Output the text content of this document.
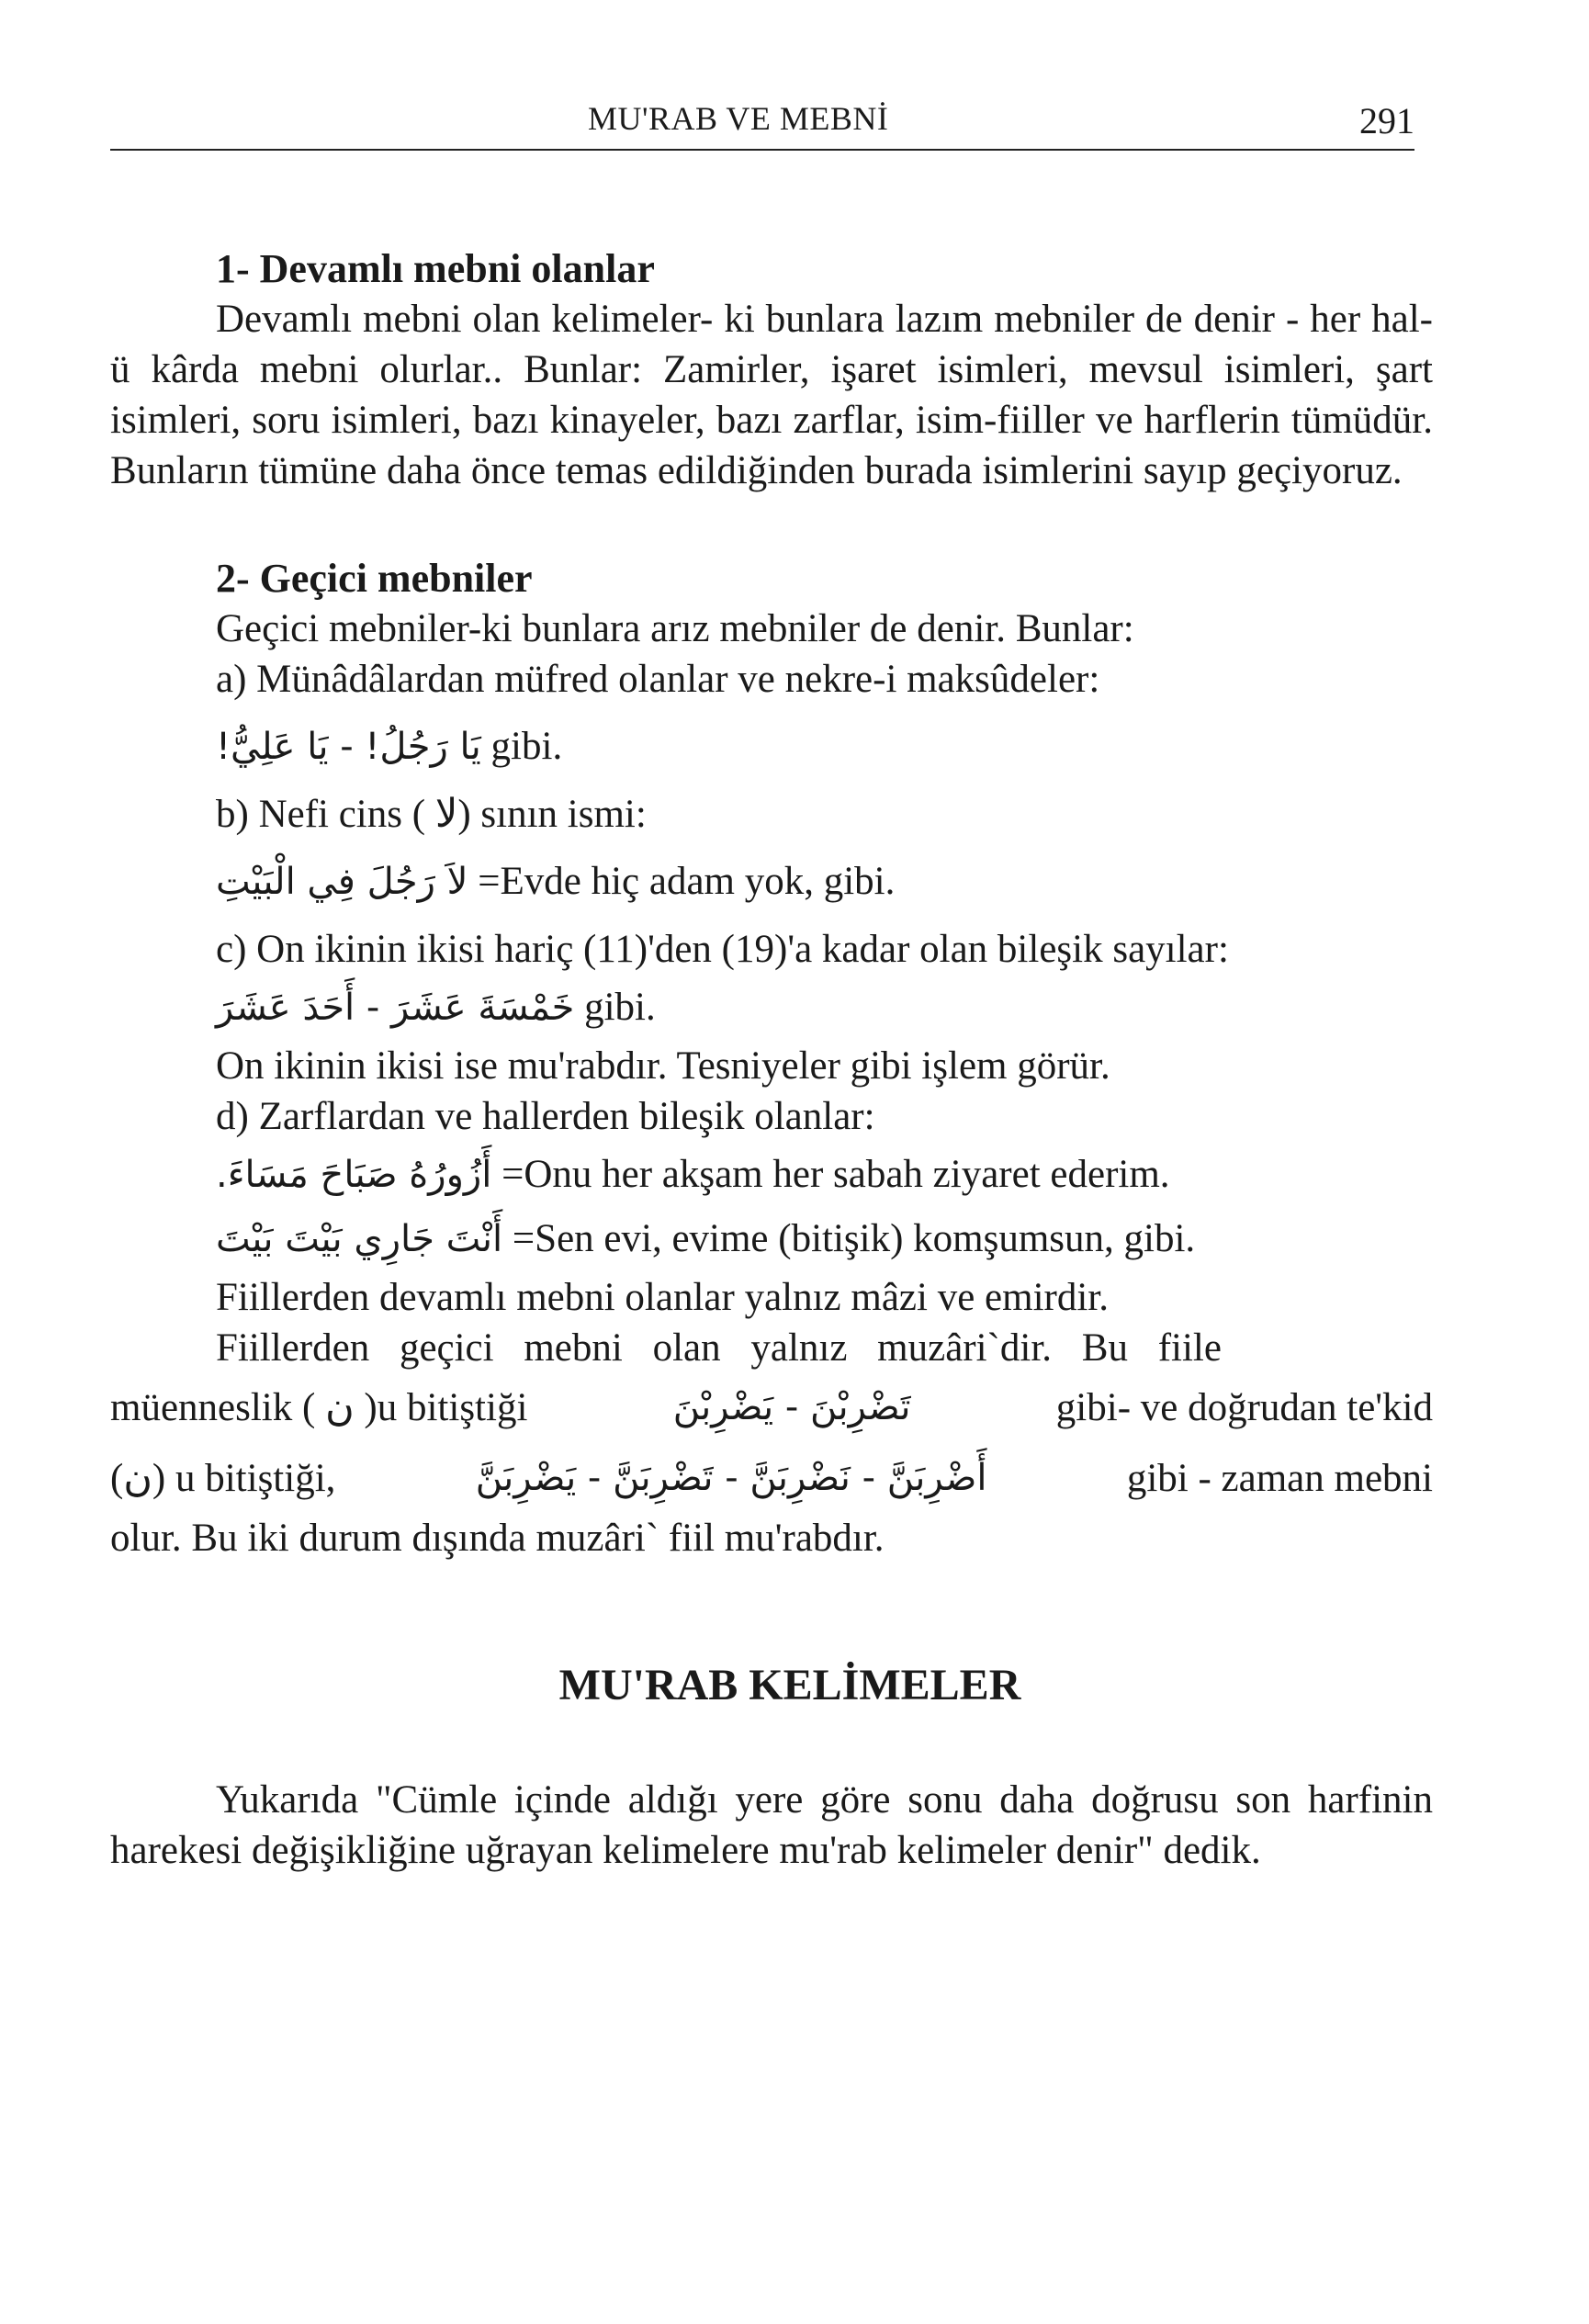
MU'RAB VE MEBNİ	291

1- Devamlı mebni olanlar

Devamlı mebni olan kelimeler- ki bunlara lazım mebniler de denir - her hal-ü kârda mebni olurlar.. Bunlar: Zamirler, işaret isimleri, mevsul isimleri, şart isimleri, soru isimleri, bazı kinayeler, bazı zarflar, isim-fiiller ve harflerin tümüdür. Bunların tümüne daha önce temas edildiğinden burada isimlerini sayıp geçiyoruz.

2- Geçici mebniler

Geçici mebniler-ki bunlara arız mebniler de denir. Bunlar:

a) Münâdâlardan müfred olanlar ve nekre-i maksûdeler:

يَا رَجُلُ! - يَا عَلِيُّ! gibi.

b) Nefi cins ( لا) sının ismi:

لاَ رَجُلَ فِي الْبَيْتِ =Evde hiç adam yok, gibi.

c) On ikinin ikisi hariç (11)'den (19)'a kadar olan bileşik sayılar:

خَمْسَةَ عَشَرَ - أَحَدَ عَشَرَ gibi.

On ikinin ikisi ise mu'rabdır. Tesniyeler gibi işlem görür.

d) Zarflardan ve hallerden bileşik olanlar:

أَزُورُهُ صَبَاحَ مَسَاءَ. =Onu her akşam her sabah ziyaret ederim.

أَنْتَ جَارِي بَيْتَ بَيْتَ =Sen evi, evime (bitişik) komşumsun, gibi.

Fiillerden devamlı mebni olanlar yalnız mâzi ve emirdir.

Fiillerden geçici mebni olan yalnız muzâri`dir. Bu fiile

müenneslik ( ن )u bitiştiği	تَضْرِبْنَ - يَضْرِبْنَ	gibi- ve doğrudan te'kid

(ن) u bitiştiği,	أَضْرِبَنَّ - نَضْرِبَنَّ - تَضْرِبَنَّ - يَضْرِبَنَّ	gibi - zaman mebni

olur. Bu iki durum dışında muzâri` fiil mu'rabdır.

MU'RAB KELİMELER

Yukarıda "Cümle içinde aldığı yere göre sonu daha doğrusu son harfinin harekesi değişikliğine uğrayan kelimelere mu'rab kelimeler denir" dedik.
